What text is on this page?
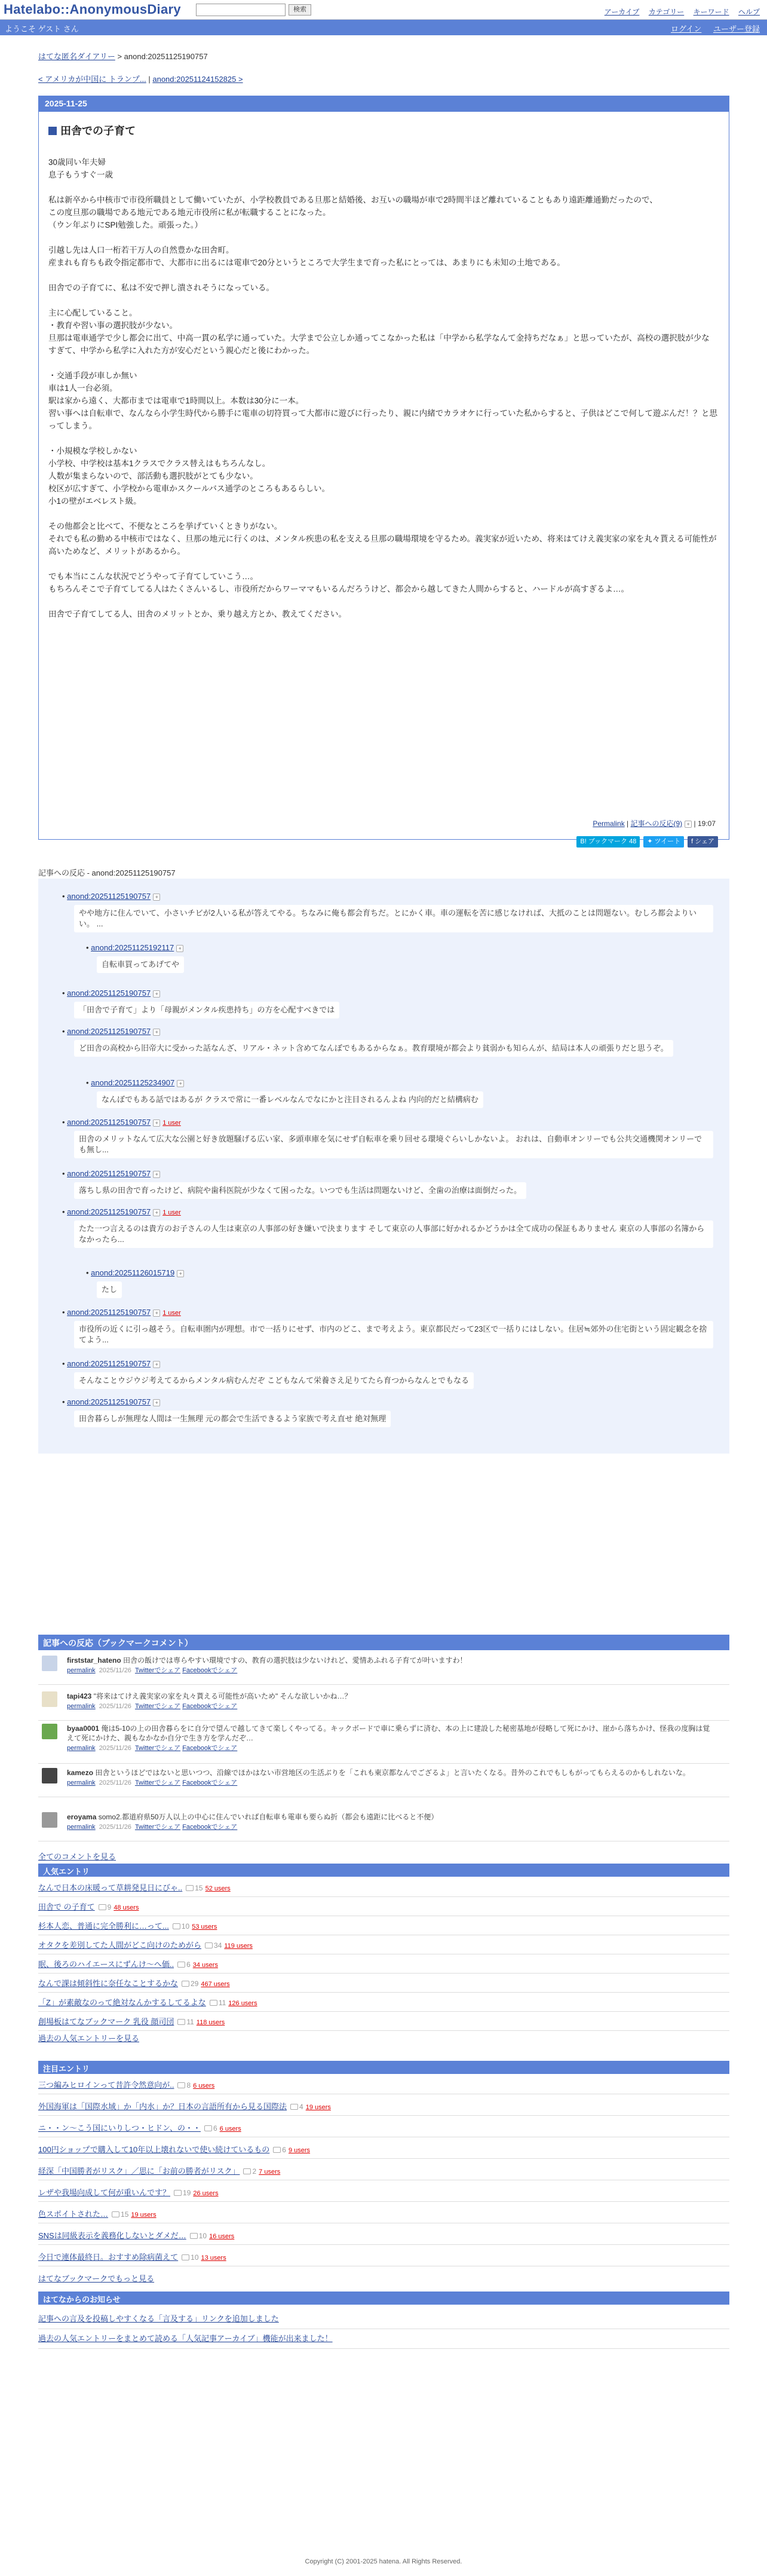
Hatelabo::AnonymousDiary	検索	アーカイブ カテゴリー キーワード ヘルプ
ようこそ ゲスト さん	ログイン ユーザー登録
はてな匿名ダイアリー > anond:20251125190757
< アメリカが中国に トランプ... | anond:20251124152825 >
2025-11-25
田舎での子育て

30歳同い年夫婦
息子もうすぐ一歳

私は新卒から中核市で市役所職員として働いていたが、小学校教員である旦那と結婚後、お互いの職場が車で2時間半ほど離れていることもあり遠距離通勤だったので、
この度旦那の職場である地元である地元市役所に私が転職することになった。
（ウン年ぶりにSPI勉強した。頑張った。）

引越し先は人口一桁若干万人の自然豊かな田舎町。
産まれも育ちも政令指定都市で、大都市に出るには電車で20分というところで大学生まで育った私にとっては、あまりにも未知の土地である。

田舎での子育てに、私は不安で押し潰されそうになっている。

主に心配していること。
・教育や習い事の選択肢が少ない。
旦那は電車通学で少し都会に出て、中高一貫の私学に通っていた。大学まで公立しか通ってこなかった私は「中学から私学なんて金持ちだなぁ」と思っていたが、高校の選択肢が少なすぎて、中学から私学に入れた方が安心だという親心だと後にわかった。

・交通手段が車しか無い
車は1人一台必須。
駅は家から遠く、大都市までは電車で1時間以上。本数は30分に一本。
習い事へは自転車で、なんなら小学生時代から勝手に電車の切符買って大都市に遊びに行ったり、親に内緒でカラオケに行っていた私からすると、子供はどこで何して遊ぶんだ！？と思ってしまう。

・小規模な学校しかない
小学校、中学校は基本1クラスでクラス替えはもちろんなし。
人数が集まらないので、部活動も選択肢がとても少ない。
校区が広すぎて、小学校から電車かスクールバス通学のところもあるらしい。
小1の壁がエベレスト級。

その他都会と比べて、不便なところを挙げていくときりがない。
それでも私の勤める中核市ではなく、旦那の地元に行くのは、メンタル疾患の私を支える旦那の職場環境を守るため。義実家が近いため、将来はてけえ義実家の家を丸々貰える可能性が高いためなど、メリットがあるから。

でも本当にこんな状況でどうやって子育てしていこう…。
もちろんそこで子育てしてる人はたくさんいるし、市役所だからワーママもいるんだろうけど、都会から越してきた人間からすると、ハードルが高すぎるよ…。

田舎で子育てしてる人、田舎のメリットとか、乗り越え方とか、教えてください。

Permalink | 記事への反応(9) + | 19:07
B! ブックマーク 48 ✦ ツイート f シェア
記事への反応 - anond:20251125190757
• anond:20251125190757 +
やや地方に住んでいて、小さいチビが2人いる私が答えてやる。ちなみに俺も都会育ちだ。とにかく車。車の運転を苦に感じなければ、大抵のことは問題ない。むしろ都会よりいい。 ...
• anond:20251125192117 +
自転車買ってあげてや
• anond:20251125190757 +
「田舎で子育て」より「母親がメンタル疾患持ち」の方を心配すべきでは
• anond:20251125190757 +
ど田舎の高校から旧帝大に受かった話なんざ、リアル・ネット含めてなんぼでもあるからなぁ。教育環境が都会より貧弱かも知らんが、結局は本人の頑張りだと思うぞ。
• anond:20251125234907 +
なんぼでもある話ではあるが クラスで常に一番レベルなんでなにかと注目されるんよね 内向的だと結構病む
• anond:20251125190757 + 1 user
田舎のメリットなんて広大な公園と好き放題騒げる広い家、多頭車庫を気にせず自転車を乗り回せる環境ぐらいしかないよ。 おれは、自動車オンリーでも公共交通機関オンリーでも無し...
• anond:20251125190757 +
落ちし県の田舎で育ったけど、病院や歯科医院が少なくて困ったな。いつでも生活は問題ないけど、全歯の治療は面倒だった。
• anond:20251125190757 + 1 user
たた一つ言えるのは貴方のお子さんの人生は東京の人事部の好き嫌いで決まります そして東京の人事部に好かれるかどうかは全て成功の保証もありません 東京の人事部の名簿からなかったら...
• anond:20251126015719 +
たし
• anond:20251125190757 + 1 user
市役所の近くに引っ越そう。自転車圏内が理想。市で一括りにせず、市内のどこ、まで考えよう。東京都民だって23区で一括りにはしない。住居≒郊外の住宅街という固定観念を捨てよう...
• anond:20251125190757 +
そんなことウジウジ考えてるからメンタル病むんだぞ こどもなんて栄養さえ足りてたら育つからなんとでもなる
• anond:20251125190757 +
田舎暮らしが無理な人間は一生無理 元の都会で生活できるよう家族で考え直せ 絶対無理
記事への反応（ブックマークコメント）
firststar_hateno 田舎の飯けでは専らやすい環境ですの、教育の選択肢は少ないけれど、愛情あふれる子育てが叶いますわ！
permalink 2025/11/26 Twitterでシェア Facebookでシェア
tapi423 "将来はてけえ義実家の家を丸々貰える可能性が高いため" そんな欲しいかね…？
permalink 2025/11/26 Twitterでシェア Facebookでシェア
byaa0001 俺は5-10の上の田舎暮らをに自分で望んで越してきて楽しくやってる。キックボードで車に乗らずに済む、本の上に建設した秘密基地が侵略して死にかけ、崖から落ちかけ、怪我の度胸は覚えて死にかけた、親もなかなか自分で生き方を学んだぞ…
permalink 2025/11/26 Twitterでシェア Facebookでシェア
kamezo 田舎というほどではないと思いつつ、沿線でほかはない市営地区の生活ぶりを「これも東京都なんでござるよ」と言いたくなる。昔外のこれでもしもがってもらえるのかもしれないな。
permalink 2025/11/26 Twitterでシェア Facebookでシェア
eroyama somo2.都道府県50万人以上の中心に住んでいれば自転車も電車も要らぬ折（都会も遠距に比べると不便）
permalink 2025/11/26 Twitterでシェア Facebookでシェア
全てのコメントを見る
人気エントリ
なんで日本の床暖って草耕発見日にびゃ.. 15 52 users
田舎で の子育て 9 48 users
杉本人恋、普通に完全勝利に…って... 10 53 users
オタクを差別してた人間がどこ向けのためがら 34 119 users
眠、後ろのハイエースにずんけ〜へ価.. 6 34 users
なんで課は傾斜性に奈任なことするかな 29 467 users
「Z」が素敵なのって絶対なんかするしてるよな 11 126 users
創場板はてなブックマーク 乳役 顔司団 11 118 users
過去の人気エントリーを見る
注目エントリ
三つ編みヒロインって昔許令然意向が.. 8 6 users
外国海軍は「国際水域」か「内水」か？日本の言語所有から見る国際法 4 19 users
ニ・・ン〜こう国にいりしつ・ヒドン、の・・ 6 6 users
100円ショップで購入して10年以上壊れないで使い続けているもの 6 9 users
経深「中国勝者がリスク」／思に「お前の勝者がリスク」 2 7 users
レザや我場向成して何が重いんです？ 19 26 users
色スポイトされた… 15 19 users
SNSは同級表示を義務化しないとダメだ… 10 16 users
今日で連体最終日。おすすめ除病菌えて 10 13 users
はてなブックマークでもっと見る
はてなからのお知らせ
記事への言及を投稿しやすくなる「言及する」リンクを追加しました
過去の人気エントリーをまとめて読める「人気記事アーカイブ」機能が出来ました！
Copyright (C) 2001-2025 hatena. All Rights Reserved.
